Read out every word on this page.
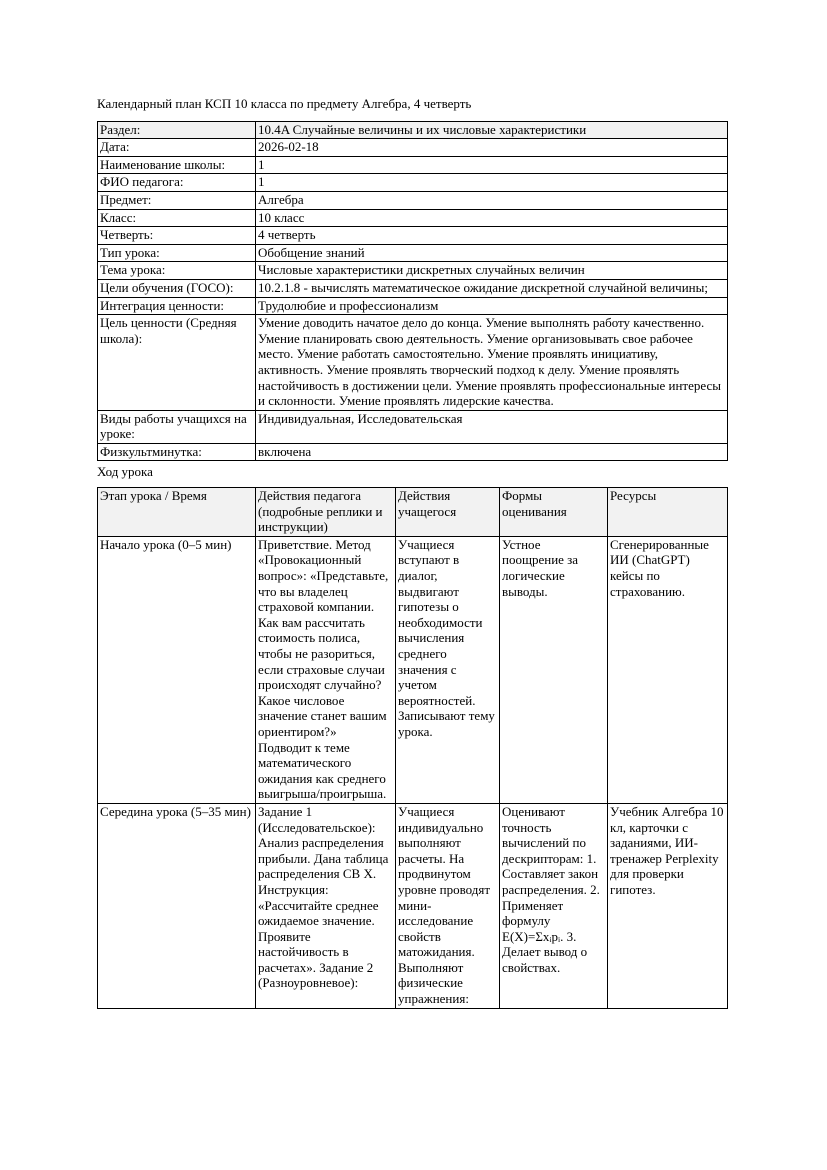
Календарный план КСП 10 класса по предмету Алгебра, 4 четверть

Раздел:	10.4A Случайные величины и их числовые характеристики
Дата:	2026-02-18
Наименование школы:	1
ФИО педагога:	1
Предмет:	Алгебра
Класс:	10 класс
Четверть:	4 четверть
Тип урока:	Обобщение знаний
Тема урока:	Числовые характеристики дискретных случайных величин
Цели обучения (ГОСО):	10.2.1.8 - вычислять математическое ожидание дискретной случайной величины;
Интеграция ценности:	Трудолюбие и профессионализм
Цель ценности (Средняя школа):	Умение доводить начатое дело до конца. Умение выполнять работу качественно. Умение планировать свою деятельность. Умение организовывать свое рабочее место. Умение работать самостоятельно. Умение проявлять инициативу, активность. Умение проявлять творческий подход к делу. Умение проявлять настойчивость в достижении цели. Умение проявлять профессиональные интересы и склонности. Умение проявлять лидерские качества.
Виды работы учащихся на уроке:	Индивидуальная, Исследовательская
Физкультминутка:	включена

Ход урока

Этап урока / Время	Действия педагога (подробные реплики и инструкции)	Действия учащегося	Формы оценивания	Ресурсы
Начало урока (0–5 мин)	Приветствие. Метод «Провокационный вопрос»: «Представьте, что вы владелец страховой компании. Как вам рассчитать стоимость полиса, чтобы не разориться, если страховые случаи происходят случайно? Какое числовое значение станет вашим ориентиром?» Подводит к теме математического ожидания как среднего выигрыша/проигрыша.	Учащиеся вступают в диалог, выдвигают гипотезы о необходимости вычисления среднего значения с учетом вероятностей. Записывают тему урока.	Устное поощрение за логические выводы.	Сгенерированные ИИ (ChatGPT) кейсы по страхованию.
Середина урока (5–35 мин)	Задание 1 (Исследовательское): Анализ распределения прибыли. Дана таблица распределения СВ X. Инструкция: «Рассчитайте среднее ожидаемое значение. Проявите настойчивость в расчетах». Задание 2 (Разноуровневое):	Учащиеся индивидуально выполняют расчеты. На продвинутом уровне проводят мини-исследование свойств матожидания. Выполняют физические упражнения:	Оценивают точность вычислений по дескрипторам: 1. Составляет закон распределения. 2. Применяет формулу E(X)=Σxᵢpᵢ. 3. Делает вывод о свойствах.	Учебник Алгебра 10 кл, карточки с заданиями, ИИ-тренажер Perplexity для проверки гипотез.
